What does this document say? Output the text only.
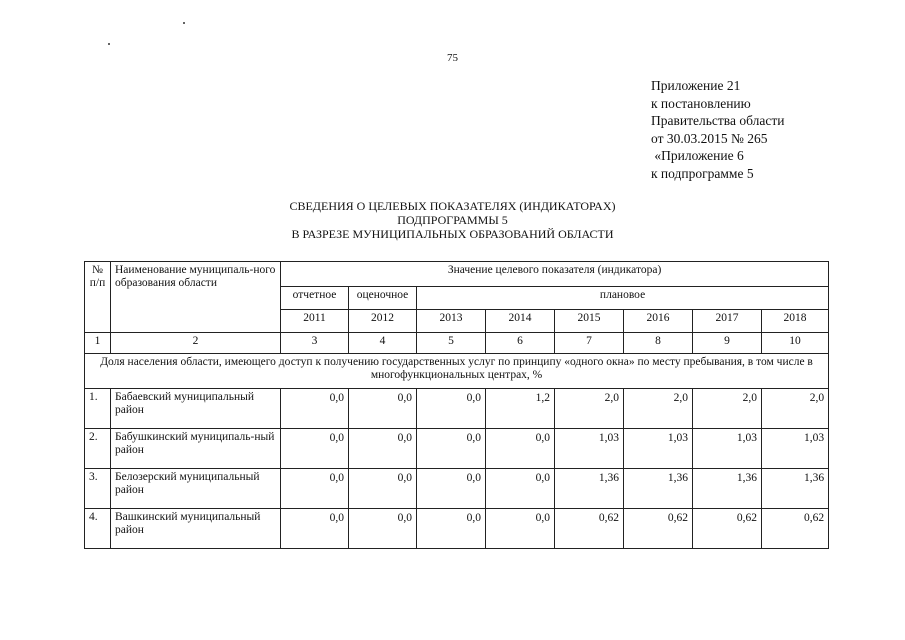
75
Приложение 21
к постановлению
Правительства области
от 30.03.2015 № 265
«Приложение 6
к подпрограмме 5
СВЕДЕНИЯ О ЦЕЛЕВЫХ ПОКАЗАТЕЛЯХ (ИНДИКАТОРАХ)
ПОДПРОГРАММЫ 5
В РАЗРЕЗЕ МУНИЦИПАЛЬНЫХ ОБРАЗОВАНИЙ ОБЛАСТИ
№ п/п	Наименование муниципаль-ного образования области	Значение целевого показателя (индикатора)							
		отчетное	оценочное	плановое					
		2011	2012	2013	2014	2015	2016	2017	2018
1	2	3	4	5	6	7	8	9	10
Доля населения области, имеющего доступ к получению государственных услуг по принципу «одного окна» по месту пребывания, в том числе в многофункциональных центрах, %									
1.	Бабаевский муниципальный район	0,0	0,0	0,0	1,2	2,0	2,0	2,0	2,0
2.	Бабушкинский муниципаль-ный район	0,0	0,0	0,0	0,0	1,03	1,03	1,03	1,03
3.	Белозерский муниципальный район	0,0	0,0	0,0	0,0	1,36	1,36	1,36	1,36
4.	Вашкинский муниципальный район	0,0	0,0	0,0	0,0	0,62	0,62	0,62	0,62
